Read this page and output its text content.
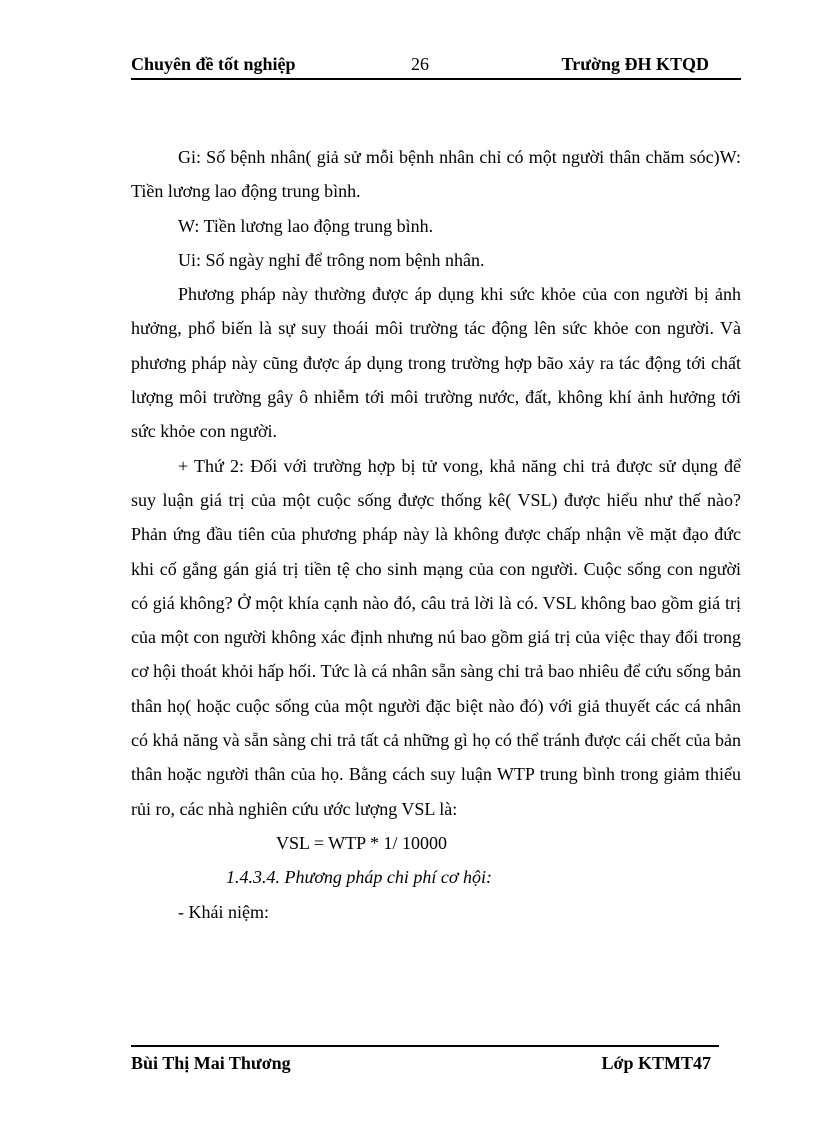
Chuyên đề tốt nghiệp	26	Trường ĐH KTQD

Gi: Số bệnh nhân( giả sử mỗi bệnh nhân chỉ có một người thân chăm sóc)W: Tiền lương lao động trung bình.

W: Tiền lương lao động trung bình.

Ui: Số ngày nghỉ để trông nom bệnh nhân.

Phương pháp này thường được áp dụng khi sức khỏe của con người bị ảnh hưởng, phổ biến là sự suy thoái môi trường tác động lên sức khỏe con người. Và phương pháp này cũng được áp dụng trong trường hợp bão xảy ra tác động tới chất lượng môi trường gây ô nhiễm tới môi trường nước, đất, không khí ảnh hưởng tới sức khỏe con người.

+ Thứ 2: Đối với trường hợp bị tử vong, khả năng chi trả được sử dụng để suy luận giá trị của một cuộc sống được thống kê( VSL) được hiểu như thế nào? Phản ứng đầu tiên của phương pháp này là không được chấp nhận về mặt đạo đức khi cố gắng gán giá trị tiền tệ cho sinh mạng của con người. Cuộc sống con người có giá không? Ở một khía cạnh nào đó, câu trả lời là có. VSL không bao gồm giá trị của một con người không xác định nhưng nú bao gồm giá trị của việc thay đổi trong cơ hội thoát khỏi hấp hối. Tức là cá nhân sẵn sàng chi trả bao nhiêu để cứu sống bản thân họ( hoặc cuộc sống của một người đặc biệt nào đó) với giả thuyết các cá nhân có khả năng và sẵn sàng chi trả tất cả những gì họ có thể tránh được cái chết của bản thân hoặc người thân của họ. Bằng cách suy luận WTP trung bình trong giảm thiểu rủi ro, các nhà nghiên cứu ước lượng VSL là:

VSL = WTP * 1/ 10000

1.4.3.4. Phương pháp chi phí cơ hội:

- Khái niệm:

Bùi Thị Mai Thương	Lớp KTMT47
